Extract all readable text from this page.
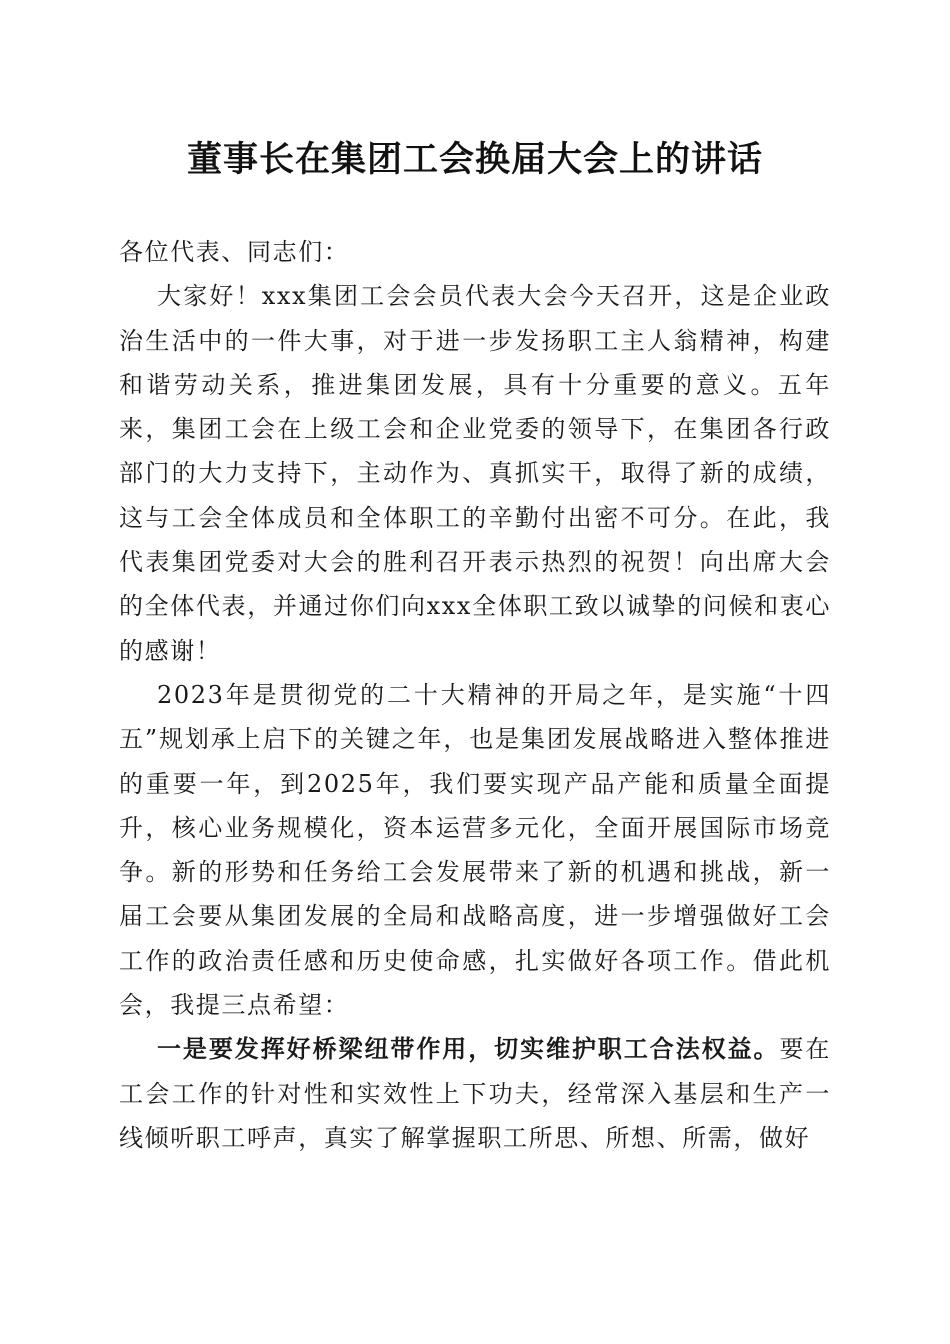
董事长在集团工会换届大会上的讲话

各位代表、同志们：

大家好！xxx集团工会会员代表大会今天召开，这是企业政治生活中的一件大事，对于进一步发扬职工主人翁精神，构建和谐劳动关系，推进集团发展，具有十分重要的意义。五年来，集团工会在上级工会和企业党委的领导下，在集团各行政部门的大力支持下，主动作为、真抓实干，取得了新的成绩，这与工会全体成员和全体职工的辛勤付出密不可分。在此，我代表集团党委对大会的胜利召开表示热烈的祝贺！向出席大会的全体代表，并通过你们向xxx全体职工致以诚挚的问候和衷心的感谢！

2023年是贯彻党的二十大精神的开局之年，是实施“十四五”规划承上启下的关键之年，也是集团发展战略进入整体推进的重要一年，到2025年，我们要实现产品产能和质量全面提升，核心业务规模化，资本运营多元化，全面开展国际市场竞争。新的形势和任务给工会发展带来了新的机遇和挑战，新一届工会要从集团发展的全局和战略高度，进一步增强做好工会工作的政治责任感和历史使命感，扎实做好各项工作。借此机会，我提三点希望：

一是要发挥好桥梁纽带作用，切实维护职工合法权益。要在工会工作的针对性和实效性上下功夫，经常深入基层和生产一线倾听职工呼声，真实了解掌握职工所思、所想、所需，做好
